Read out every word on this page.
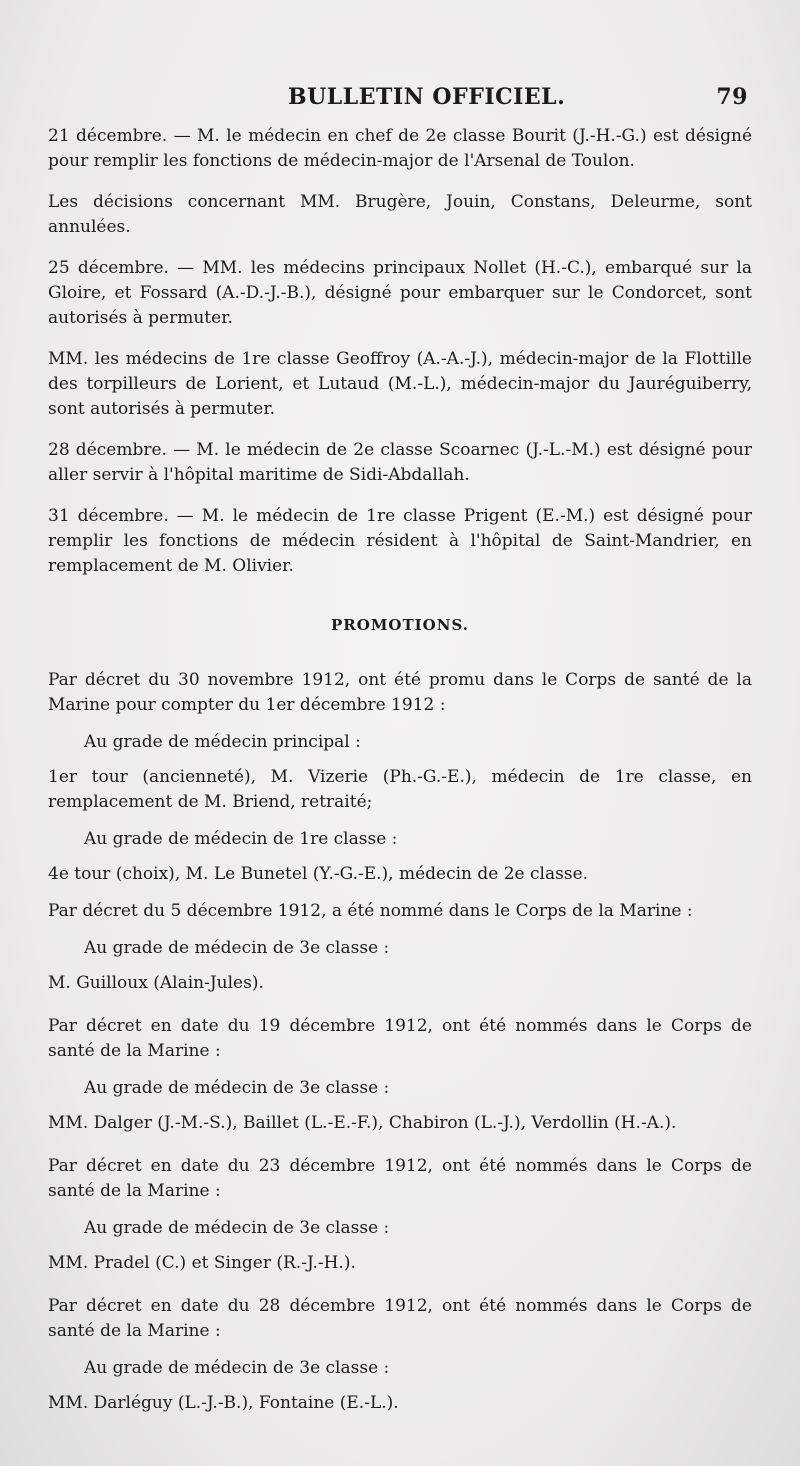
BULLETIN OFFICIEL.	79

21 décembre. — M. le médecin en chef de 2e classe Bourit (J.-H.-G.) est désigné pour remplir les fonctions de médecin-major de l'Arsenal de Toulon.

Les décisions concernant MM. Brugère, Jouin, Constans, Deleurme, sont annulées.

25 décembre. — MM. les médecins principaux Nollet (H.-C.), embarqué sur la Gloire, et Fossard (A.-D.-J.-B.), désigné pour embarquer sur le Condorcet, sont autorisés à permuter.

MM. les médecins de 1re classe Geoffroy (A.-A.-J.), médecin-major de la Flottille des torpilleurs de Lorient, et Lutaud (M.-L.), médecin-major du Jauréguiberry, sont autorisés à permuter.

28 décembre. — M. le médecin de 2e classe Scoarnec (J.-L.-M.) est désigné pour aller servir à l'hôpital maritime de Sidi-Abdallah.

31 décembre. — M. le médecin de 1re classe Prigent (E.-M.) est désigné pour remplir les fonctions de médecin résident à l'hôpital de Saint-Mandrier, en remplacement de M. Olivier.

PROMOTIONS.

Par décret du 30 novembre 1912, ont été promu dans le Corps de santé de la Marine pour compter du 1er décembre 1912 :

Au grade de médecin principal :

1er tour (ancienneté), M. Vizerie (Ph.-G.-E.), médecin de 1re classe, en remplacement de M. Briend, retraité;

Au grade de médecin de 1re classe :

4e tour (choix), M. Le Bunetel (Y.-G.-E.), médecin de 2e classe.

Par décret du 5 décembre 1912, a été nommé dans le Corps de la Marine :

Au grade de médecin de 3e classe :

M. Guilloux (Alain-Jules).

Par décret en date du 19 décembre 1912, ont été nommés dans le Corps de santé de la Marine :

Au grade de médecin de 3e classe :

MM. Dalger (J.-M.-S.), Baillet (L.-E.-F.), Chabiron (L.-J.), Verdollin (H.-A.).

Par décret en date du 23 décembre 1912, ont été nommés dans le Corps de santé de la Marine :

Au grade de médecin de 3e classe :

MM. Pradel (C.) et Singer (R.-J.-H.).

Par décret en date du 28 décembre 1912, ont été nommés dans le Corps de santé de la Marine :

Au grade de médecin de 3e classe :

MM. Darléguy (L.-J.-B.), Fontaine (E.-L.).
